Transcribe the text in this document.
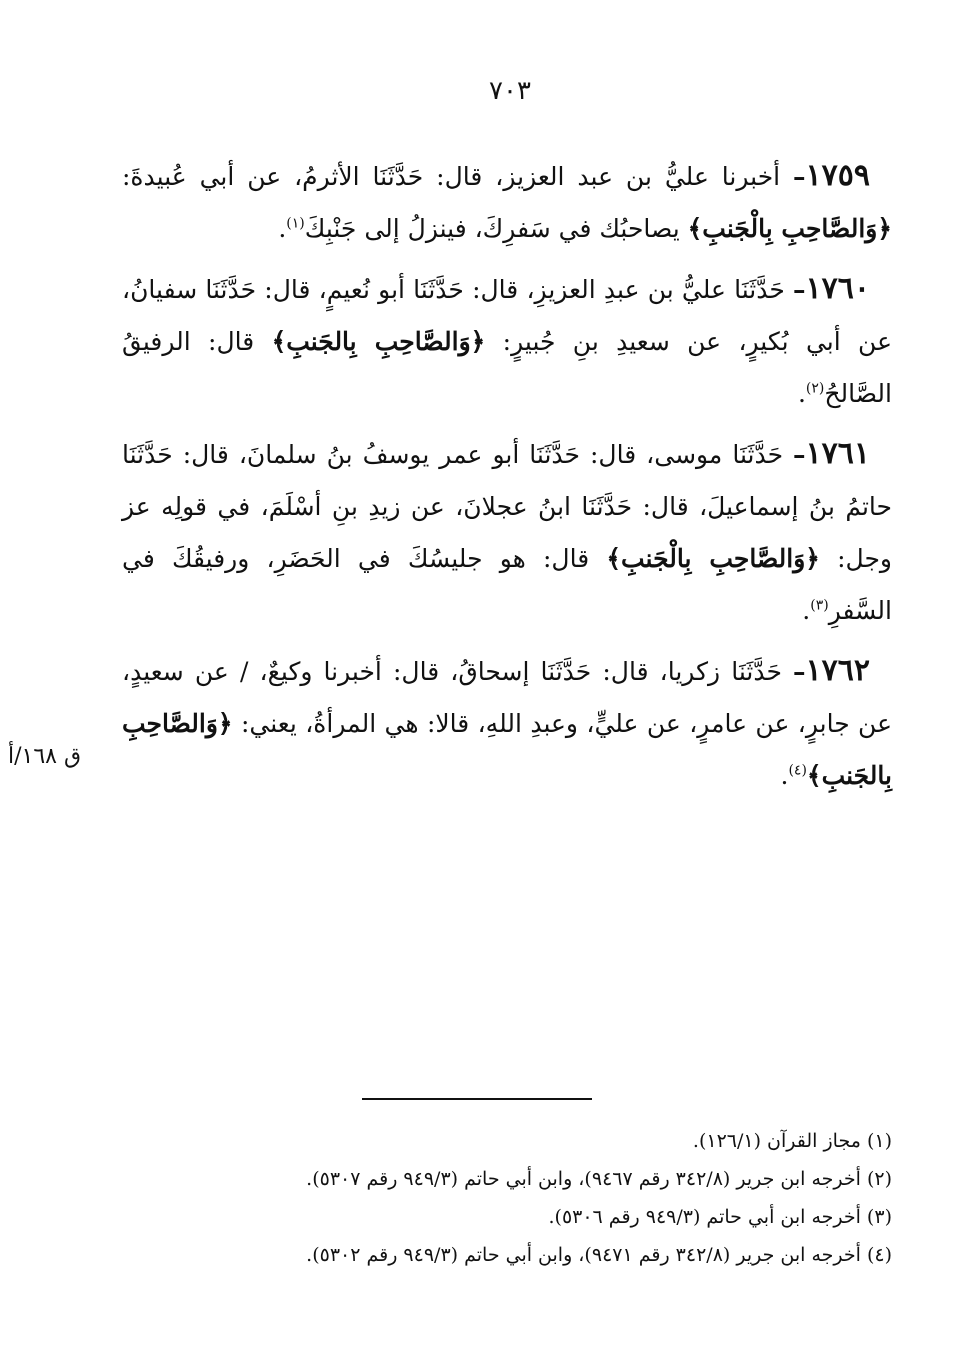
٧٠٣
ق ١٦٨/أ

١٧٥٩– أخبرنا عليُّ بن عبد العزيز، قال: حَدَّثَنَا الأثرمُ، عن أبي عُبيدةَ: ﴿وَالصَّاحِبِ بِالْجَنبِ﴾ يصاحبُك في سَفرِكَ، فينزلُ إلى جَنْبِكَ$^{(١)}$.

١٧٦٠– حَدَّثَنَا عليُّ بن عبدِ العزيزِ، قال: حَدَّثَنَا أبو نُعيمٍ، قال: حَدَّثَنَا سفيانُ، عن أبي بُكيرٍ، عن سعيدِ بنِ جُبيرٍ: ﴿وَالصَّاحِبِ بِالجَنبِ﴾ قال: الرفيقُ الصَّالحُ$^{(٢)}$.

١٧٦١– حَدَّثَنَا موسى، قال: حَدَّثَنَا أبو عمر يوسفُ بنُ سلمانَ، قال: حَدَّثَنَا حاتمُ بنُ إسماعيلَ، قال: حَدَّثَنَا ابنُ عجلانَ، عن زيدِ بنِ أسْلَمَ، في قولِه عز وجل: ﴿وَالصَّاحِبِ بِالْجَنبِ﴾ قال: هو جليسُكَ في الحَضَرِ، ورفيقُكَ في السَّفرِ$^{(٣)}$.

١٧٦٢– حَدَّثَنَا زكريا، قال: حَدَّثَنَا إسحاقُ، قال: أخبرنا وكيعٌ، / عن سعيدٍ، عن جابرٍ، عن عامرٍ، عن عليٍّ، وعبدِ اللهِ، قالا: هي المرأةُ، يعني: ﴿وَالصَّاحِبِ بِالجَنبِ﴾$^{(٤)}$.

(١) مجاز القرآن (١٢٦/١).

(٢) أخرجه ابن جرير (٣٤٢/٨ رقم ٩٤٦٧)، وابن أبي حاتم (٩٤٩/٣ رقم ٥٣٠٧).

(٣) أخرجه ابن أبي حاتم (٩٤٩/٣ رقم ٥٣٠٦).

(٤) أخرجه ابن جرير (٣٤٢/٨ رقم ٩٤٧١)، وابن أبي حاتم (٩٤٩/٣ رقم ٥٣٠٢).
